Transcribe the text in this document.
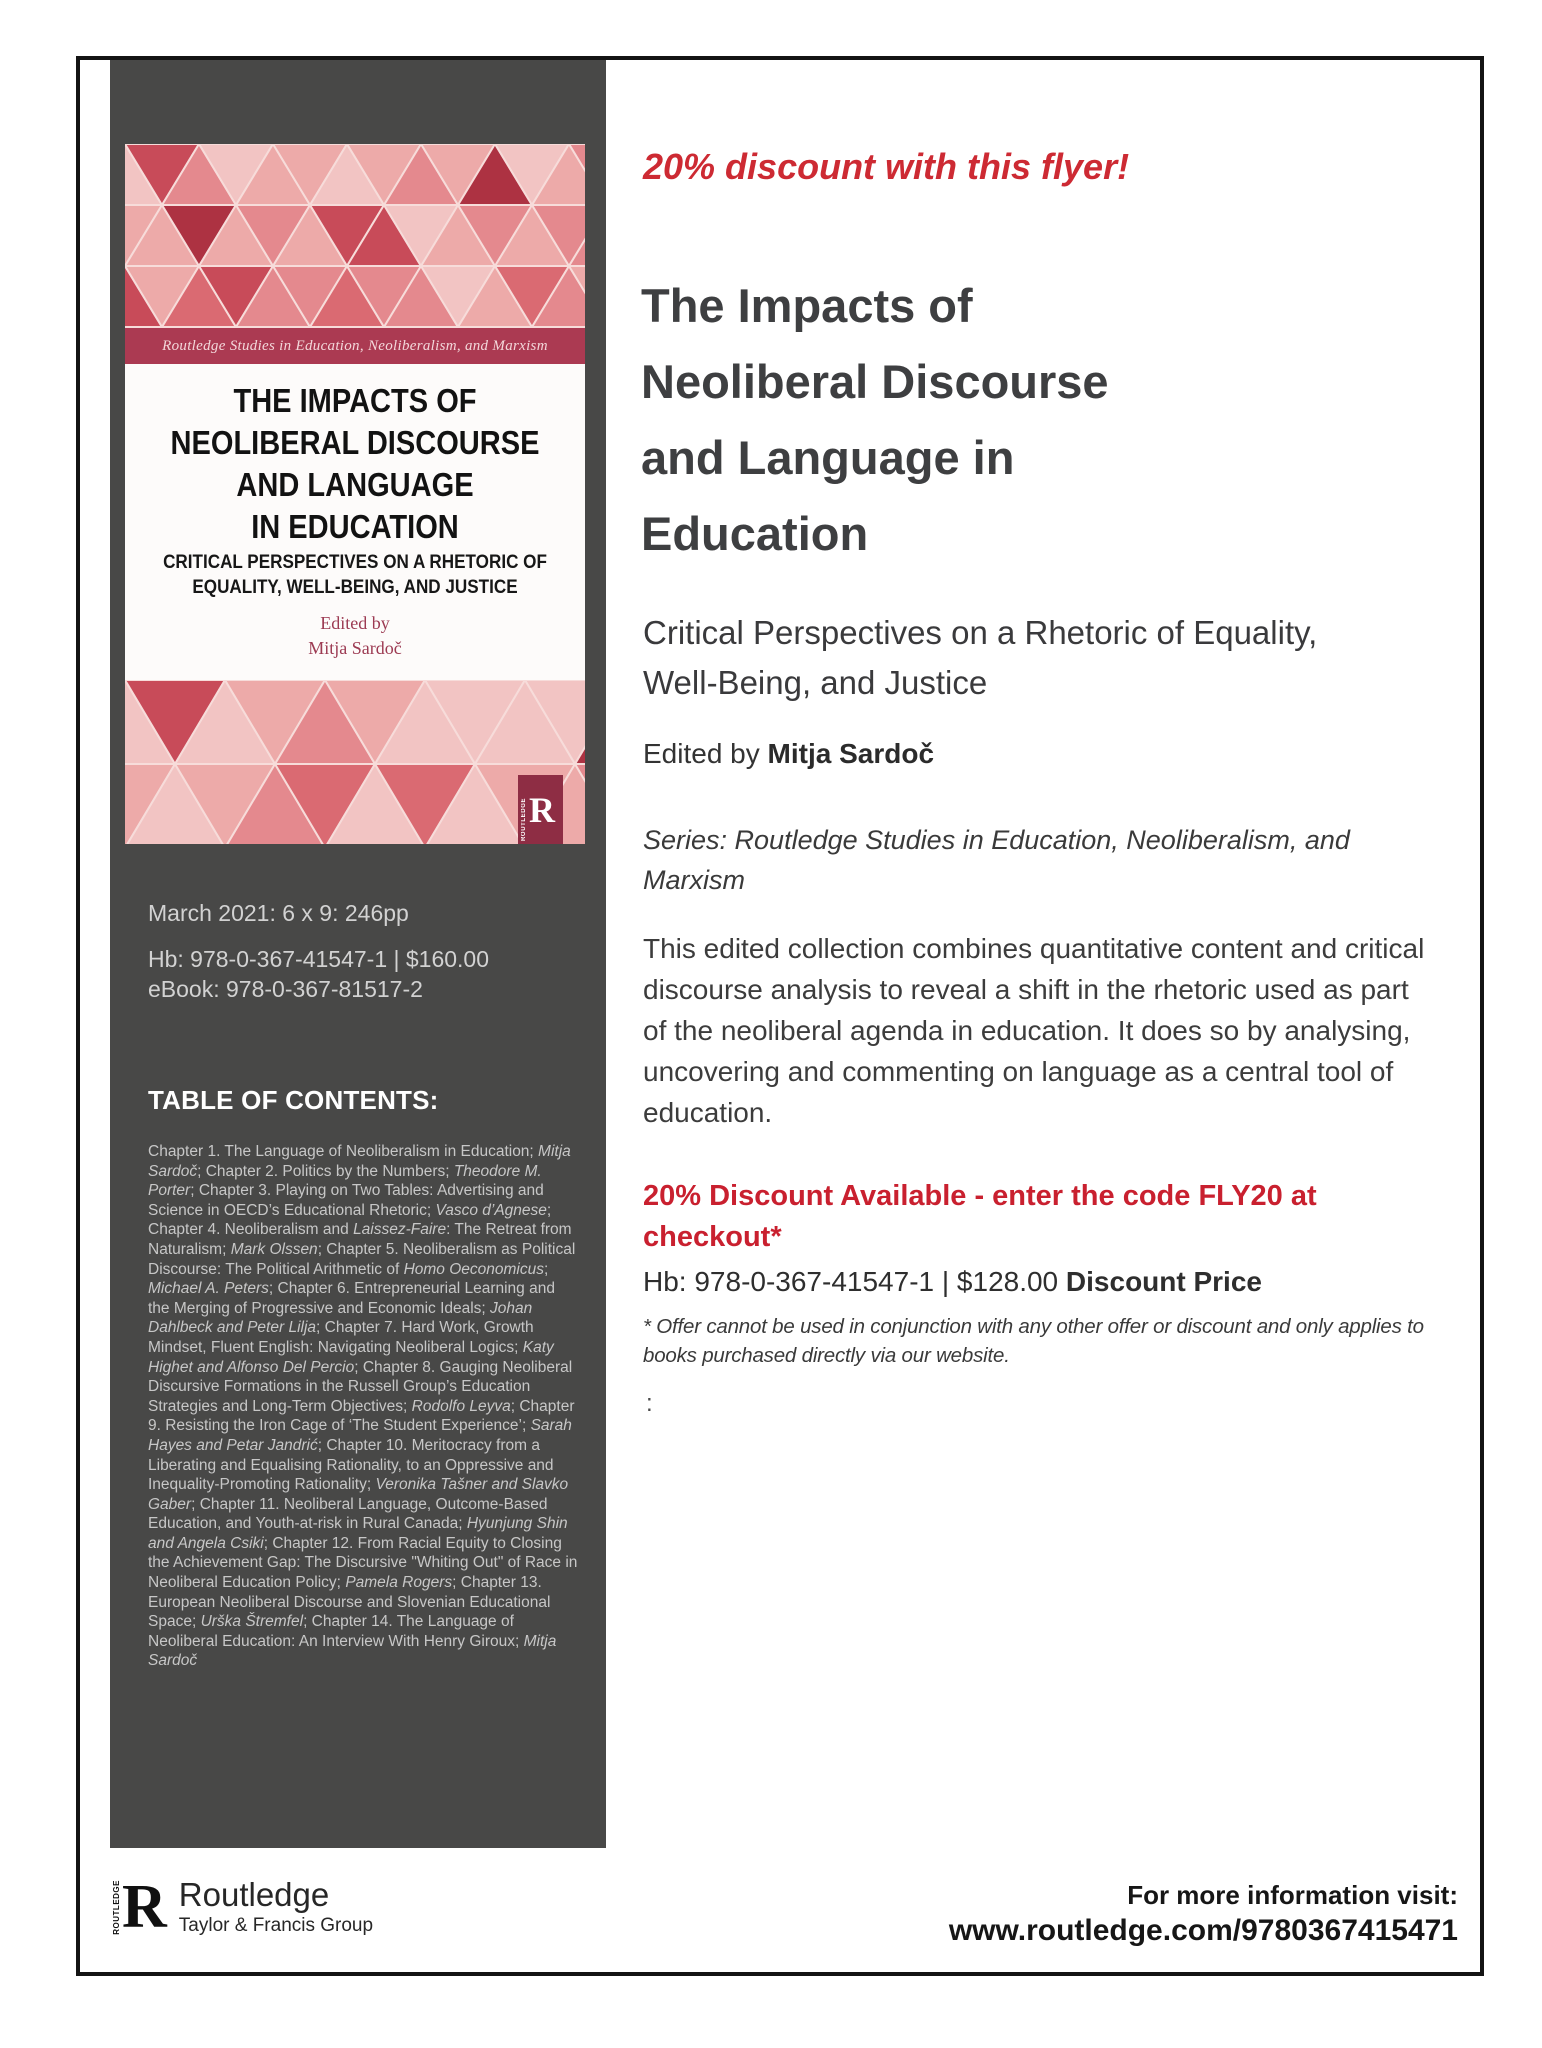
Routledge Studies in Education, Neoliberalism, and Marxism
THE IMPACTS OF
NEOLIBERAL DISCOURSE
AND LANGUAGE
IN EDUCATION
CRITICAL PERSPECTIVES ON A RHETORIC OF
EQUALITY, WELL-BEING, AND JUSTICE
Edited by
Mitja Sardoč
ROUTLEDGE R
March 2021: 6 x 9: 246pp
Hb: 978-0-367-41547-1 | $160.00
eBook: 978-0-367-81517-2
TABLE OF CONTENTS:

Chapter 1. The Language of Neoliberalism in Education; Mitja Sardoč; Chapter 2. Politics by the Numbers; Theodore M. Porter; Chapter 3. Playing on Two Tables: Advertising and Science in OECD’s Educational Rhetoric; Vasco d’Agnese; Chapter 4. Neoliberalism and Laissez-Faire: The Retreat from Naturalism; Mark Olssen; Chapter 5. Neoliberalism as Political Discourse: The Political Arithmetic of Homo Oeconomicus; Michael A. Peters; Chapter 6. Entrepreneurial Learning and the Merging of Progressive and Economic Ideals; Johan Dahlbeck and Peter Lilja; Chapter 7. Hard Work, Growth Mindset, Fluent English: Navigating Neoliberal Logics; Katy Highet and Alfonso Del Percio; Chapter 8. Gauging Neoliberal Discursive Formations in the Russell Group’s Education Strategies and Long-Term Objectives; Rodolfo Leyva; Chapter 9. Resisting the Iron Cage of ‘The Student Experience’; Sarah Hayes and Petar Jandrić; Chapter 10. Meritocracy from a Liberating and Equalising Rationality, to an Oppressive and Inequality-Promoting Rationality; Veronika Tašner and Slavko Gaber; Chapter 11. Neoliberal Language, Outcome-Based Education, and Youth-at-risk in Rural Canada; Hyunjung Shin and Angela Csiki; Chapter 12. From Racial Equity to Closing the Achievement Gap: The Discursive "Whiting Out" of Race in Neoliberal Education Policy; Pamela Rogers; Chapter 13. European Neoliberal Discourse and Slovenian Educational Space; Urška Štremfel; Chapter 14. The Language of Neoliberal Education: An Interview With Henry Giroux; Mitja Sardoč

20% discount with this flyer!
The Impacts of
Neoliberal Discourse
and Language in
Education
Critical Perspectives on a Rhetoric of Equality,
Well-Being, and Justice
Edited by Mitja Sardoč
Series: Routledge Studies in Education, Neoliberalism, and
Marxism
This edited collection combines quantitative content and critical discourse analysis to reveal a shift in the rhetoric used as part of the neoliberal agenda in education. It does so by analysing, uncovering and commenting on language as a central tool of education.
20% Discount Available - enter the code FLY20 at
checkout*
Hb: 978-0-367-41547-1 | $128.00 Discount Price
* Offer cannot be used in conjunction with any other offer or discount and only applies to books purchased directly via our website.
:
ROUTLEDGE R Routledge
Taylor & Francis Group
For more information visit:
www.routledge.com/9780367415471
